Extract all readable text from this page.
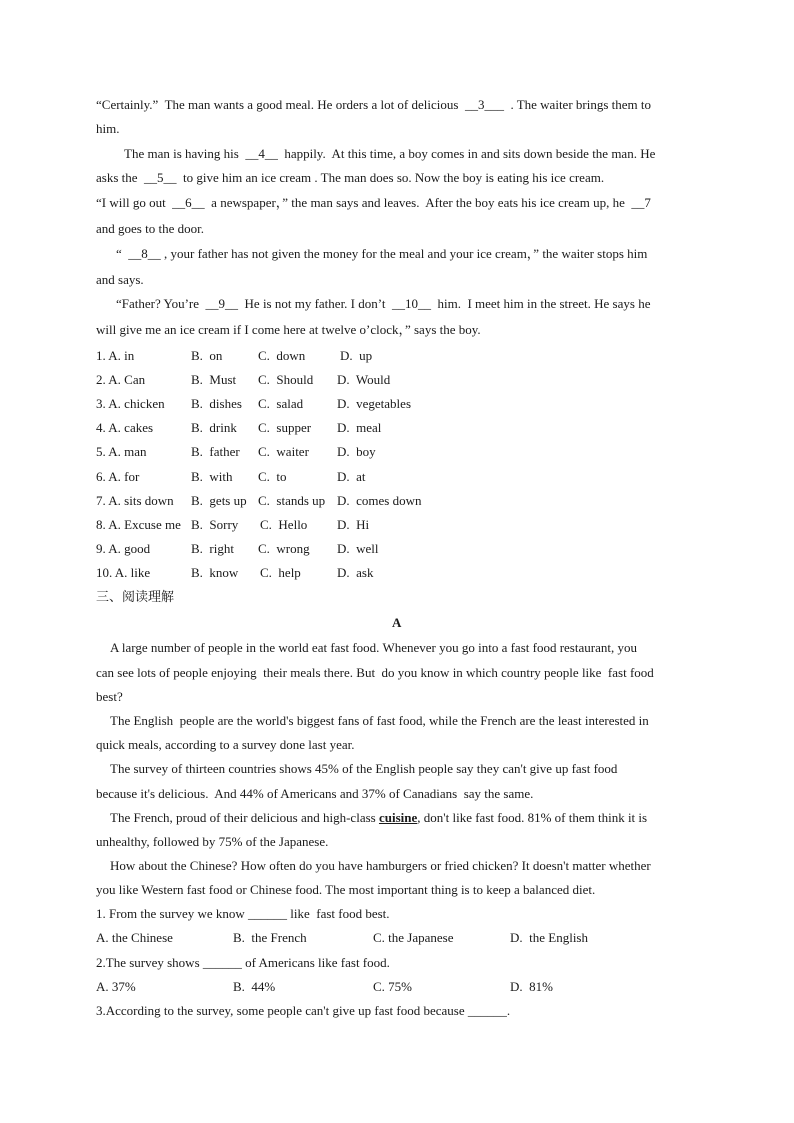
“Certainly.”  The man wants a good meal. He orders a lot of delicious  __3___  . The waiter brings them to
him.
The man is having his  __4__  happily.  At this time, a boy comes in and sits down beside the man. He
asks the  __5__  to give him an ice cream . The man does so. Now the boy is eating his ice cream.
“I will go out  __6__  a newspaper，” the man says and leaves.  After the boy eats his ice cream up, he  __7
and goes to the door.
“  __8__ , your father has not given the money for the meal and your ice cream，” the waiter stops him
and says.
“Father? You’re  __9__  He is not my father. I don’t  __10__  him.  I meet him in the street. He says he
will give me an ice cream if I come here at twelve o’clock，” says the boy.
1. A. in	B.  on	C.  down	D.  up
2. A. Can	B.  Must C.  Should D.  Would
3. A. chicken B.  dishes C.  salad	D.  vegetables
4. A. cakes	B.  drink C.  supper D.  meal
5. A. man	B.  father C.  waiter D.  boy
6. A. for	B.  with C.  to	D.  at
7. A. sits down B.  gets up C.  stands up D.  comes down
8. A. Excuse me B.  Sorry C.  Hello D.  Hi
9. A. good	B.  right C.  wrong D.  well
10. A. like	B.  know C.  help	D.  ask
三、阅读理解
A
A large number of people in the world eat fast food. Whenever you go into a fast food restaurant, you
can see lots of people enjoying  their meals there. But  do you know in which country people like  fast food
best?
The English  people are the world's biggest fans of fast food, while the French are the least interested in
quick meals, according to a survey done last year.
The survey of thirteen countries shows 45% of the English people say they can't give up fast food
because it's delicious.  And 44% of Americans and 37% of Canadians  say the same.
The French, proud of their delicious and high-class cuisine, don't like fast food. 81% of them think it is
unhealthy, followed by 75% of the Japanese.
How about the Chinese? How often do you have hamburgers or fried chicken? It doesn't matter whether
you like Western fast food or Chinese food. The most important thing is to keep a balanced diet.
1. From the survey we know ______ like  fast food best.
A. the Chinese	B.  the French	C. the Japanese	D.  the English
2.The survey shows ______ of Americans like fast food.
A. 37%	B.  44%	C. 75%	D.  81%
3.According to the survey, some people can't give up fast food because ______.
